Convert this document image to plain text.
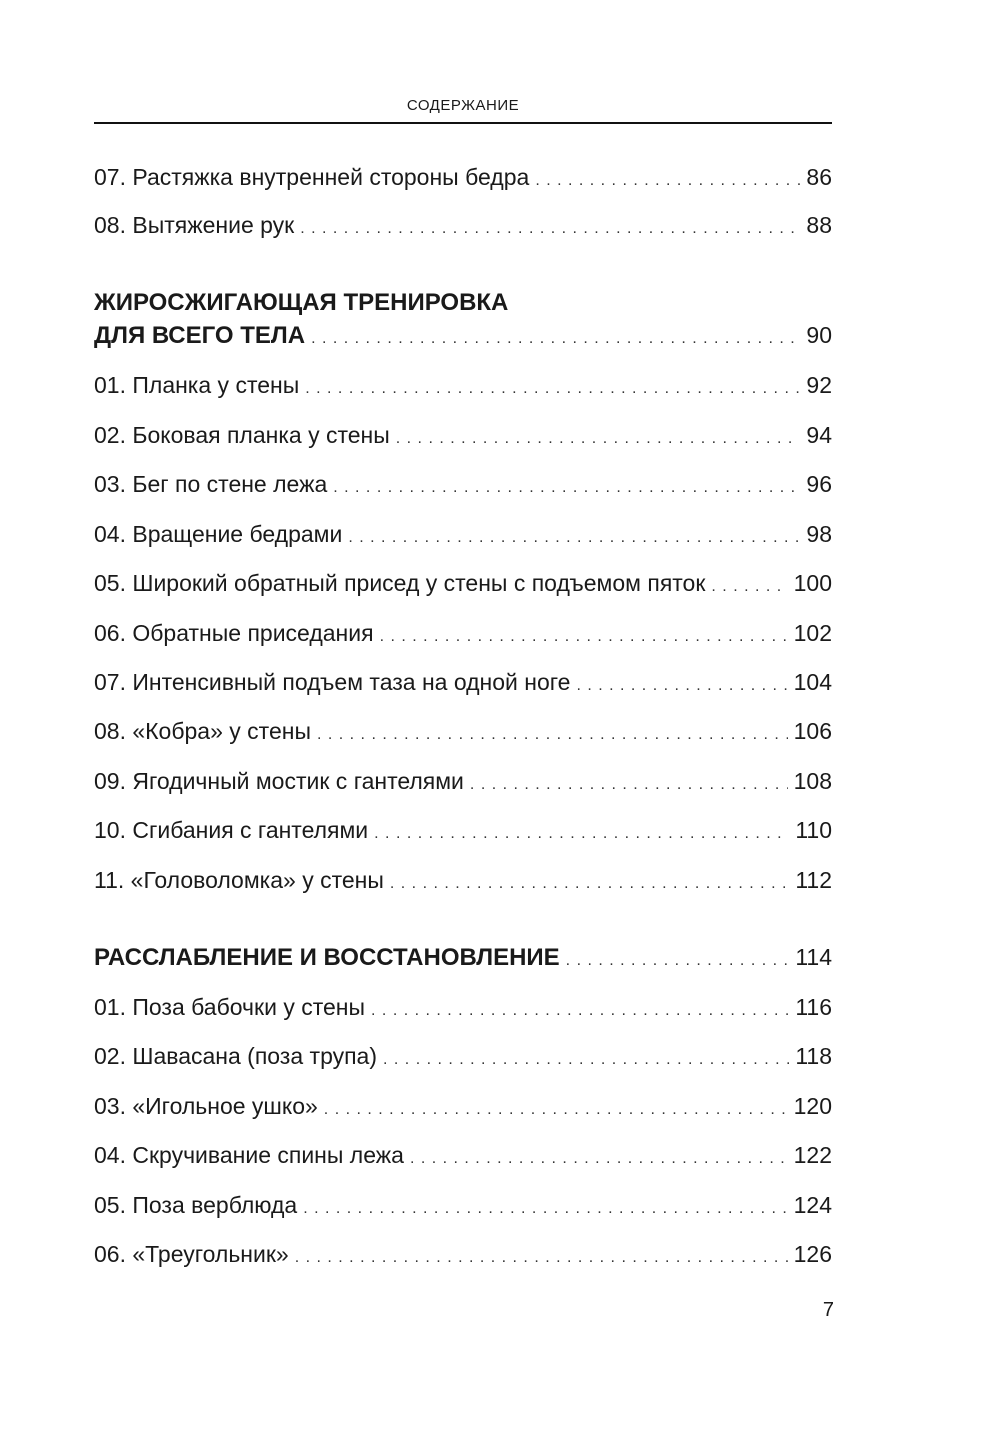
СОДЕРЖАНИЕ
07. Растяжка внутренней стороны бедра . . .	86
08. Вытяжение рук . . .	88
ЖИРОСЖИГАЮЩАЯ ТРЕНИРОВКА
ДЛЯ ВСЕГО ТЕЛА . . .	90
01. Планка у стены . . .	92
02. Боковая планка у стены . . .	94
03. Бег по стене лежа . . .	96
04. Вращение бедрами . . .	98
05. Широкий обратный присед у стены с подъемом пяток . . .	100
06. Обратные приседания . . .	102
07. Интенсивный подъем таза на одной ноге . . .	104
08. «Кобра» у стены . . .	106
09. Ягодичный мостик с гантелями . . .	108
10. Сгибания с гантелями . . .	110
11. «Головоломка» у стены . . .	112
РАССЛАБЛЕНИЕ И ВОССТАНОВЛЕНИЕ . . .	114
01. Поза бабочки у стены . . .	116
02. Шавасана (поза трупа) . . .	118
03. «Игольное ушко» . . .	120
04. Скручивание спины лежа . . .	122
05. Поза верблюда . . .	124
06. «Треугольник» . . .	126
7
